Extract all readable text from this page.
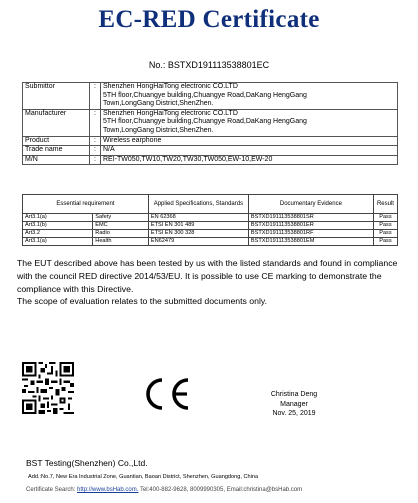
EC-RED Certificate
No.: BSTXD191113538801EC
Submittor	:	Shenzhen HongHaiTong electronic CO.LTD
5TH floor,Chuangye building,Chuangye Road,DaKang HengGang
Town,LongGang District,ShenZhen.

Manufacturer	:	Shenzhen HongHaiTong electronic CO.LTD
5TH floor,Chuangye building,Chuangye Road,DaKang HengGang
Town,LongGang District,ShenZhen.

Product	:	Wireless earphone
Trade name	:	N/A
M/N	:	REI-TW050,TW10,TW20,TW30,TW050,EW-10,EW-20
Essential requirement		Applied Specifications, Standards	Documentary Evidence	Result
Art3.1(a)	Safety	EN 62368	BSTXD191113538801SR	Pass
Art3.1(b)	EMC	ETSI EN 301 489	BSTXD191113538801ER	Pass
Art3.2	Radio	ETSI EN 300 328	BSTXD191113538801RF	Pass
Art3.1(a)	Health	EN62479	BSTXD191113538801EM	Pass
The EUT described above has been tested by us with the listed standards and found in compliance with the council RED directive 2014/53/EU. It is possible to use CE marking to demonstrate the compliance with this Directive.
The scope of evaluation relates to the submitted documents only.
Christina Deng
Manager
Nov. 25, 2019
BST Testing(Shenzhen) Co.,Ltd.
Add.:No.7, New Era Industrial Zone, Guantian, Baoan District, Shenzhen, Guangdong, China
Certificate Search: http://www.bsHab.com. Tel:400-882-9628, 8009990305, Email:christina@bsHab.com
